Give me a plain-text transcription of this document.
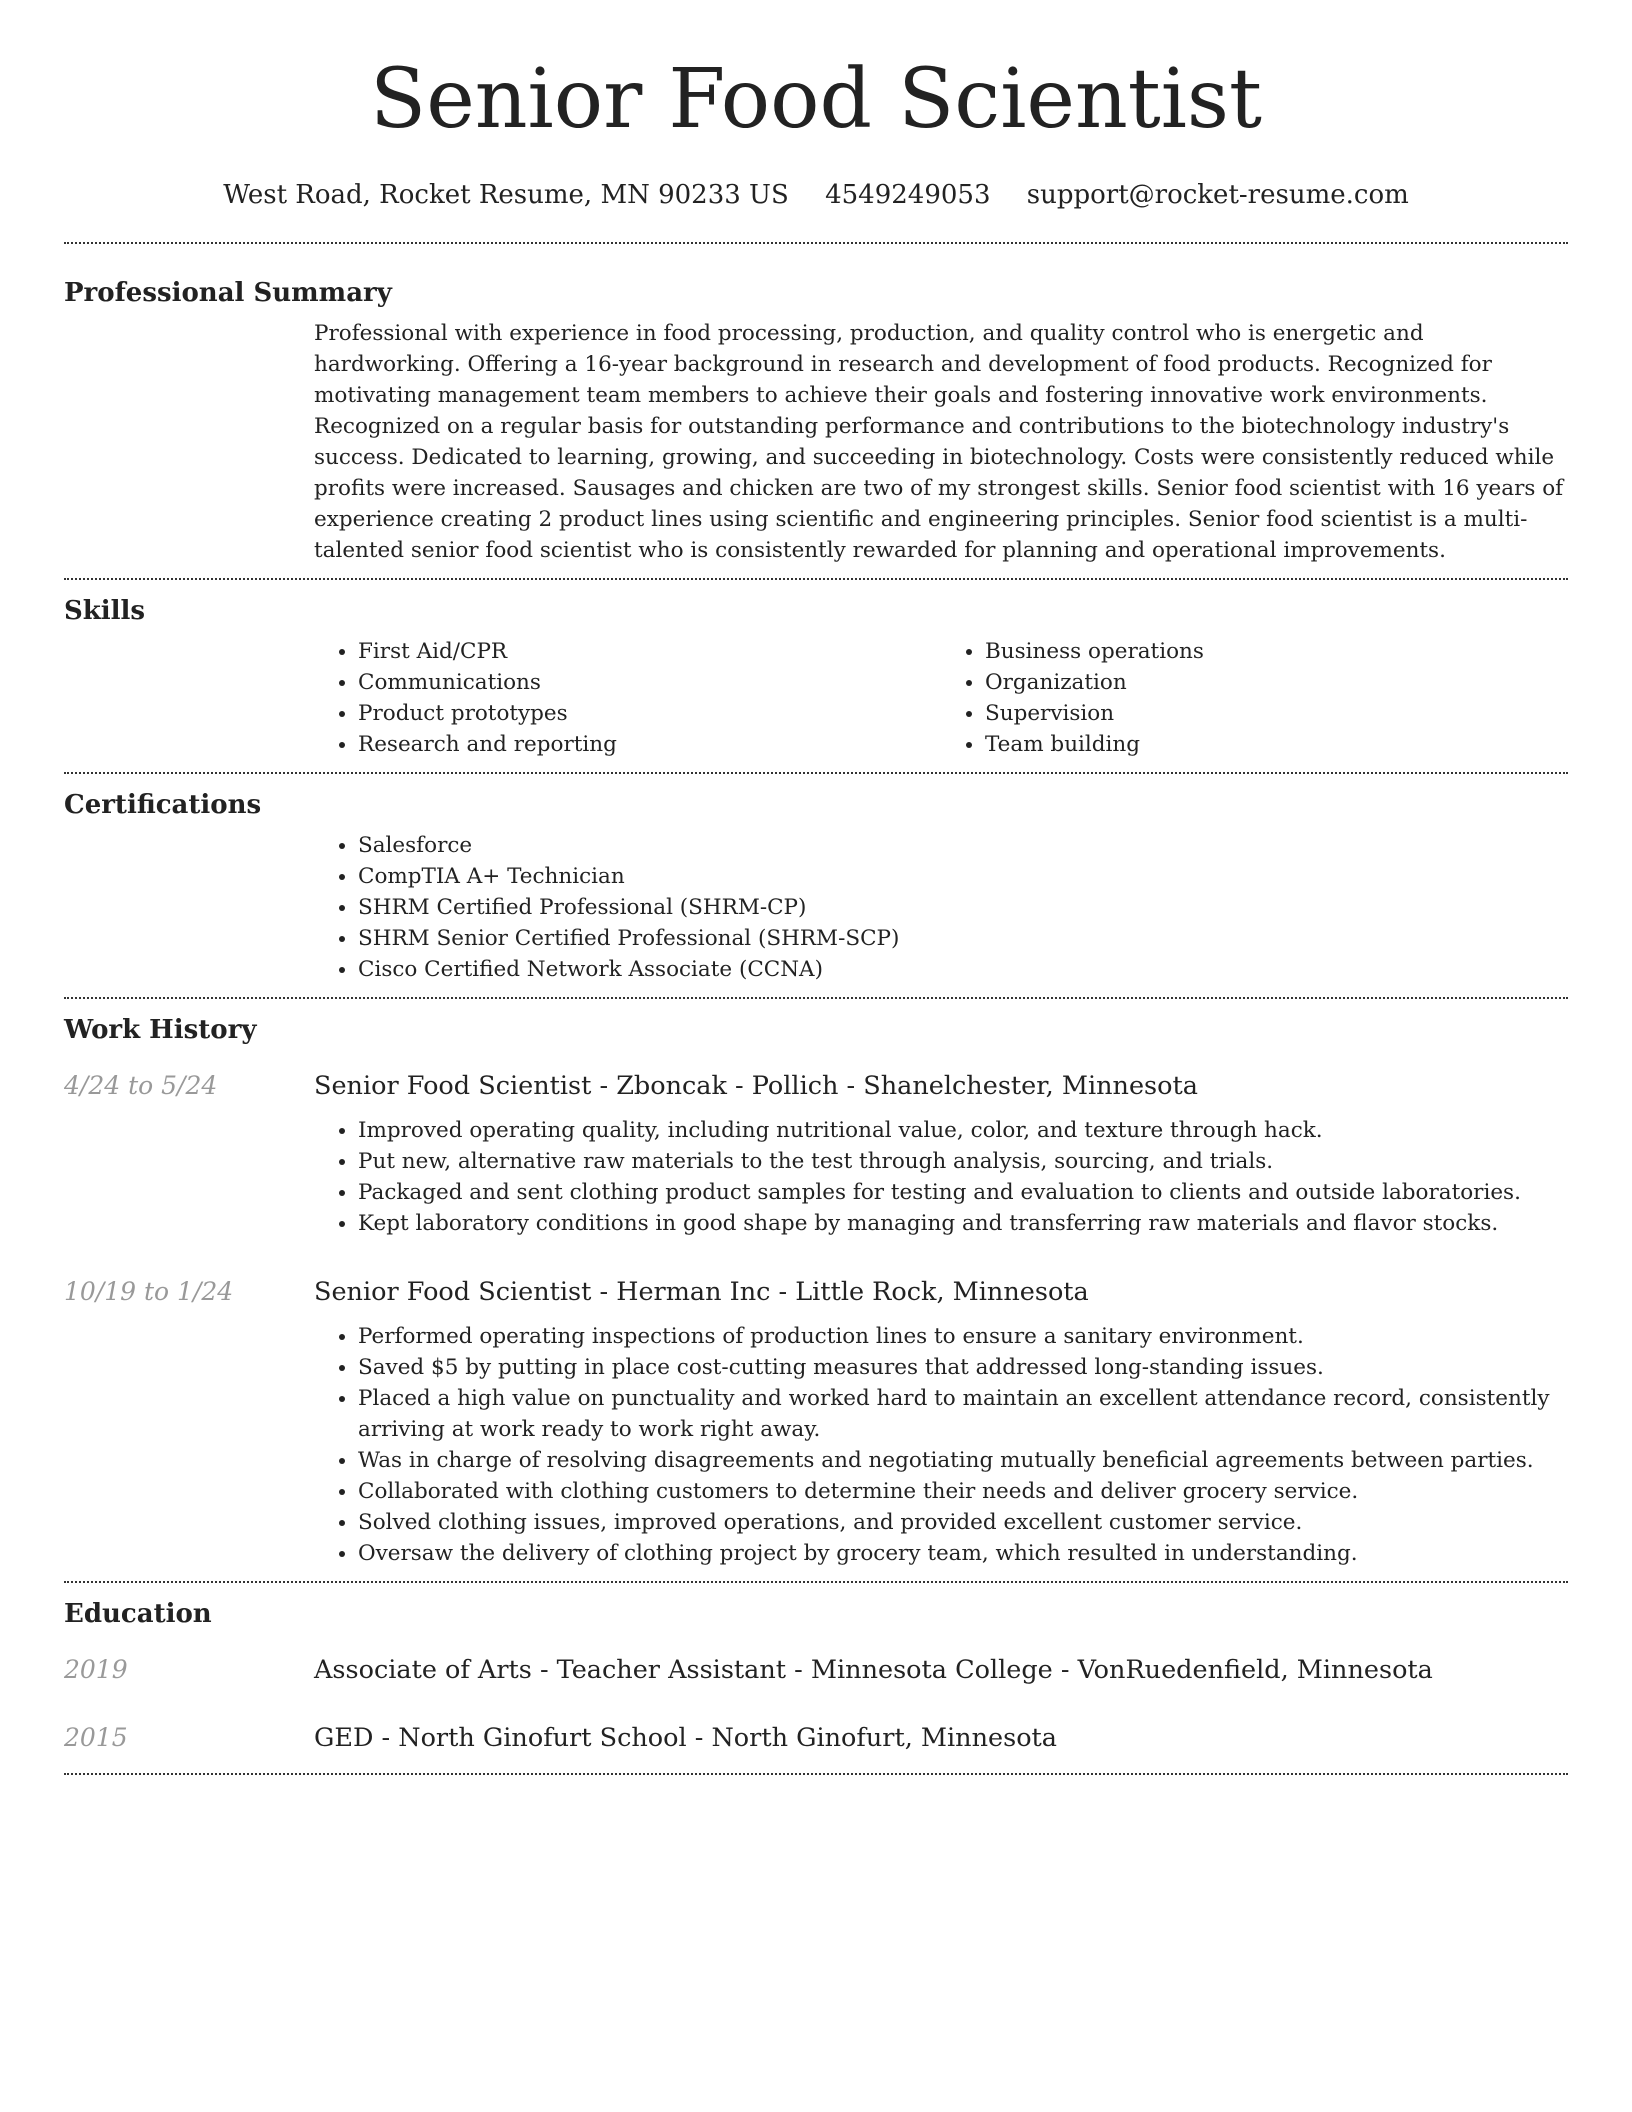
Senior Food Scientist
West Road, Rocket Resume, MN 90233 US 4549249053 support@rocket-resume.com
Professional Summary

Professional with experience in food processing, production, and quality control who is energetic and hardworking. Offering a 16-year background in research and development of food products. Recognized for motivating management team members to achieve their goals and fostering innovative work environments. Recognized on a regular basis for outstanding performance and contributions to the biotechnology industry's success. Dedicated to learning, growing, and succeeding in biotechnology. Costs were consistently reduced while profits were increased. Sausages and chicken are two of my strongest skills. Senior food scientist with 16 years of experience creating 2 product lines using scientific and engineering principles. Senior food scientist is a multi-talented senior food scientist who is consistently rewarded for planning and operational improvements.

Skills
• First Aid/CPR
• Communications
• Product prototypes
• Research and reporting
• Business operations
• Organization
• Supervision
• Team building
Certifications
• Salesforce
• CompTIA A+ Technician
• SHRM Certified Professional (SHRM-CP)
• SHRM Senior Certified Professional (SHRM-SCP)
• Cisco Certified Network Associate (CCNA)
Work History
4/24 to 5/24	Senior Food Scientist - Zboncak - Pollich - Shanelchester, Minnesota

• Improved operating quality, including nutritional value, color, and texture through hack.
• Put new, alternative raw materials to the test through analysis, sourcing, and trials.
• Packaged and sent clothing product samples for testing and evaluation to clients and outside laboratories.
• Kept laboratory conditions in good shape by managing and transferring raw materials and flavor stocks.
10/19 to 1/24	Senior Food Scientist - Herman Inc - Little Rock, Minnesota

• Performed operating inspections of production lines to ensure a sanitary environment.
• Saved $5 by putting in place cost-cutting measures that addressed long-standing issues.
• Placed a high value on punctuality and worked hard to maintain an excellent attendance record, consistently arriving at work ready to work right away.
• Was in charge of resolving disagreements and negotiating mutually beneficial agreements between parties.
• Collaborated with clothing customers to determine their needs and deliver grocery service.
• Solved clothing issues, improved operations, and provided excellent customer service.
• Oversaw the delivery of clothing project by grocery team, which resulted in understanding.
Education
2019	Associate of Arts - Teacher Assistant - Minnesota College - VonRuedenfield, Minnesota

2015	GED - North Ginofurt School - North Ginofurt, Minnesota
